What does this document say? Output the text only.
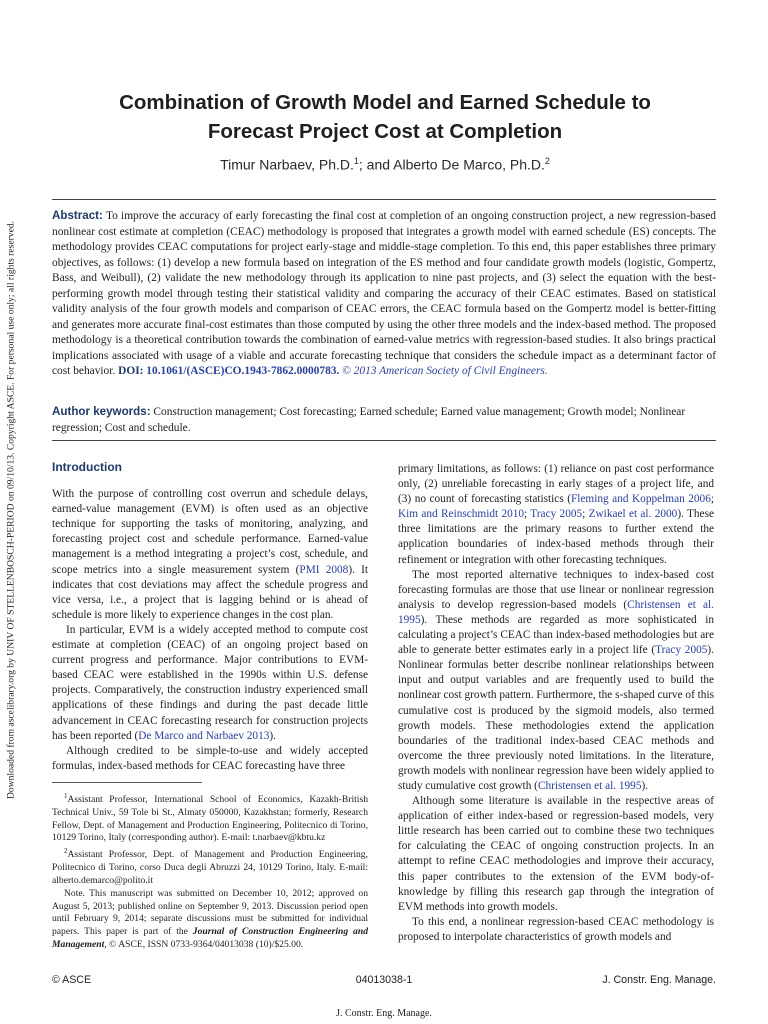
Downloaded from ascelibrary.org by UNIV OF STELLENBOSCH-PERIOD on 09/10/13. Copyright ASCE. For personal use only; all rights reserved.
Combination of Growth Model and Earned Schedule to
Forecast Project Cost at Completion
Timur Narbaev, Ph.D.$^1$; and Alberto De Marco, Ph.D.$^2$
Abstract: To improve the accuracy of early forecasting the final cost at completion of an ongoing construction project, a new regression-based nonlinear cost estimate at completion (CEAC) methodology is proposed that integrates a growth model with earned schedule (ES) concepts. The methodology provides CEAC computations for project early-stage and middle-stage completion. To this end, this paper establishes three primary objectives, as follows: (1) develop a new formula based on integration of the ES method and four candidate growth models (logistic, Gompertz, Bass, and Weibull), (2) validate the new methodology through its application to nine past projects, and (3) select the equation with the best-performing growth model through testing their statistical validity and comparing the accuracy of their CEAC estimates. Based on statistical validity analysis of the four growth models and comparison of CEAC errors, the CEAC formula based on the Gompertz model is better-fitting and generates more accurate final-cost estimates than those computed by using the other three models and the index-based method. The proposed methodology is a theoretical contribution towards the combination of earned-value metrics with regression-based studies. It also brings practical implications associated with usage of a viable and accurate forecasting technique that considers the schedule impact as a determinant factor of cost behavior. DOI: 10.1061/(ASCE)CO.1943-7862.0000783. © 2013 American Society of Civil Engineers.
Author keywords: Construction management; Cost forecasting; Earned schedule; Earned value management; Growth model; Nonlinear regression; Cost and schedule.
Introduction

With the purpose of controlling cost overrun and schedule delays, earned-value management (EVM) is often used as an objective technique for supporting the tasks of monitoring, analyzing, and forecasting project cost and schedule performance. Earned-value management is a method integrating a project’s cost, schedule, and scope metrics into a single measurement system (PMI 2008). It indicates that cost deviations may affect the schedule progress and vice versa, i.e., a project that is lagging behind or is ahead of schedule is more likely to experience changes in the cost plan.

In particular, EVM is a widely accepted method to compute cost estimate at completion (CEAC) of an ongoing project based on current progress and performance. Major contributions to EVM-based CEAC were established in the 1990s within U.S. defense projects. Comparatively, the construction industry experienced small applications of these findings and during the past decade little advancement in CEAC forecasting research for construction projects has been reported (De Marco and Narbaev 2013).

Although credited to be simple-to-use and widely accepted formulas, index-based methods for CEAC forecasting have three

$^1$Assistant Professor, International School of Economics, Kazakh-British Technical Univ., 59 Tole bi St., Almaty 050000, Kazakhstan; formerly, Research Fellow, Dept. of Management and Production Engineering, Politecnico di Torino, 10129 Torino, Italy (corresponding author). E-mail: t.narbaev@kbtu.kz

$^2$Assistant Professor, Dept. of Management and Production Engineering, Politecnico di Torino, corso Duca degli Abruzzi 24, 10129 Torino, Italy. E-mail: alberto.demarco@polito.it

Note. This manuscript was submitted on December 10, 2012; approved on August 5, 2013; published online on September 9, 2013. Discussion period open until February 9, 2014; separate discussions must be submitted for individual papers. This paper is part of the Journal of Construction Engineering and Management, © ASCE, ISSN 0733-9364/04013038 (10)/$25.00.

primary limitations, as follows: (1) reliance on past cost performance only, (2) unreliable forecasting in early stages of a project life, and (3) no count of forecasting statistics (Fleming and Koppelman 2006; Kim and Reinschmidt 2010; Tracy 2005; Zwikael et al. 2000). These three limitations are the primary reasons to further extend the application boundaries of index-based methods through their refinement or integration with other forecasting techniques.

The most reported alternative techniques to index-based cost forecasting formulas are those that use linear or nonlinear regression analysis to develop regression-based models (Christensen et al. 1995). These methods are regarded as more sophisticated in calculating a project’s CEAC than index-based methodologies but are able to generate better estimates early in a project life (Tracy 2005). Nonlinear formulas better describe nonlinear relationships between input and output variables and are frequently used to build the nonlinear cost growth pattern. Furthermore, the s-shaped curve of this cumulative cost is produced by the sigmoid models, also termed growth models. These methodologies extend the application boundaries of the traditional index-based CEAC methods and overcome the three previously noted limitations. In the literature, growth models with nonlinear regression have been widely applied to study cumulative cost growth (Christensen et al. 1995).

Although some literature is available in the respective areas of application of either index-based or regression-based models, very little research has been carried out to combine these two techniques for calculating the CEAC of ongoing construction projects. In an attempt to refine CEAC methodologies and improve their accuracy, this paper contributes to the extension of the EVM body-of-knowledge by filling this research gap through the integration of EVM methods into growth models.

To this end, a nonlinear regression-based CEAC methodology is proposed to interpolate characteristics of growth models and

© ASCE	04013038-1	J. Constr. Eng. Manage.
J. Constr. Eng. Manage.
